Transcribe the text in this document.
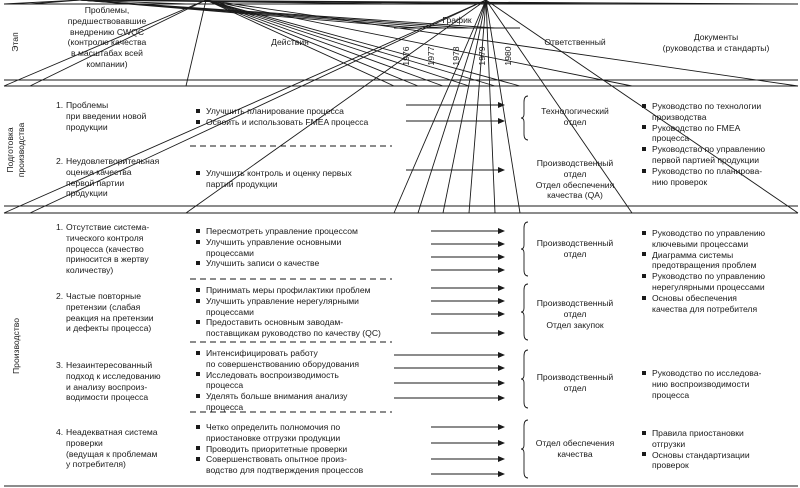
Этап
Проблемы,
предшествовавшие
внедрению CWQC
(контролю качества
в масштабах всей
компании)
Действия
График
1976 1977 1978 1979 1980
Ответственный	Документы
(руководства и стандарты)
Подготовка производства
1. Проблемы
при введении новой
продукции
Улучшить планирование процесса
Освоить и использовать FMEA процесса
Технологический
отдел
Руководство по технологии
производства
Руководство по FMEA
процесса
Руководство по управлению
первой партией продукции
Руководство по планирова-
нию проверок
2. Неудовлетворительная
оценка качества
первой партии
продукции
Улучшить контроль и оценку первых
партий продукции
Производственный
отдел
Отдел обеспечения
качества (QA)
Производство
1. Отсутствие система-
тического контроля
процесса (качество
приносится в жертву
количеству)
Пересмотреть управление процессом
Улучшить управление основными
процессами
Улучшить записи о качестве
Производственный
отдел
Руководство по управлению
ключевыми процессами
Диаграмма системы
предотвращения проблем
Руководство по управлению
нерегулярными процессами
Основы обеспечения
качества для потребителя
2. Частые повторные
претензии (слабая
реакция на претензии
и дефекты процесса)
Принимать меры профилактики проблем
Улучшить управление нерегулярными
процессами
Предоставить основным заводам-
поставщикам руководство по качеству (QC)
Производственный
отдел
Отдел закупок
3. Незаинтересованный
подход к исследованию
и анализу воспроиз-
водимости процесса
Интенсифицировать работу
по совершенствованию оборудования
Исследовать воспроизводимость
процесса
Уделять больше внимания анализу
процесса
Производственный
отдел
Руководство по исследова-
нию воспроизводимости
процесса
4. Неадекватная система
проверки
(ведущая к проблемам
у потребителя)
Четко определить полномочия по
приостановке отгрузки продукции
Проводить приоритетные проверки
Совершенствовать опытное произ-
водство для подтверждения процессов
Отдел обеспечения
качества
Правила приостановки
отгрузки
Основы стандартизации
проверок
